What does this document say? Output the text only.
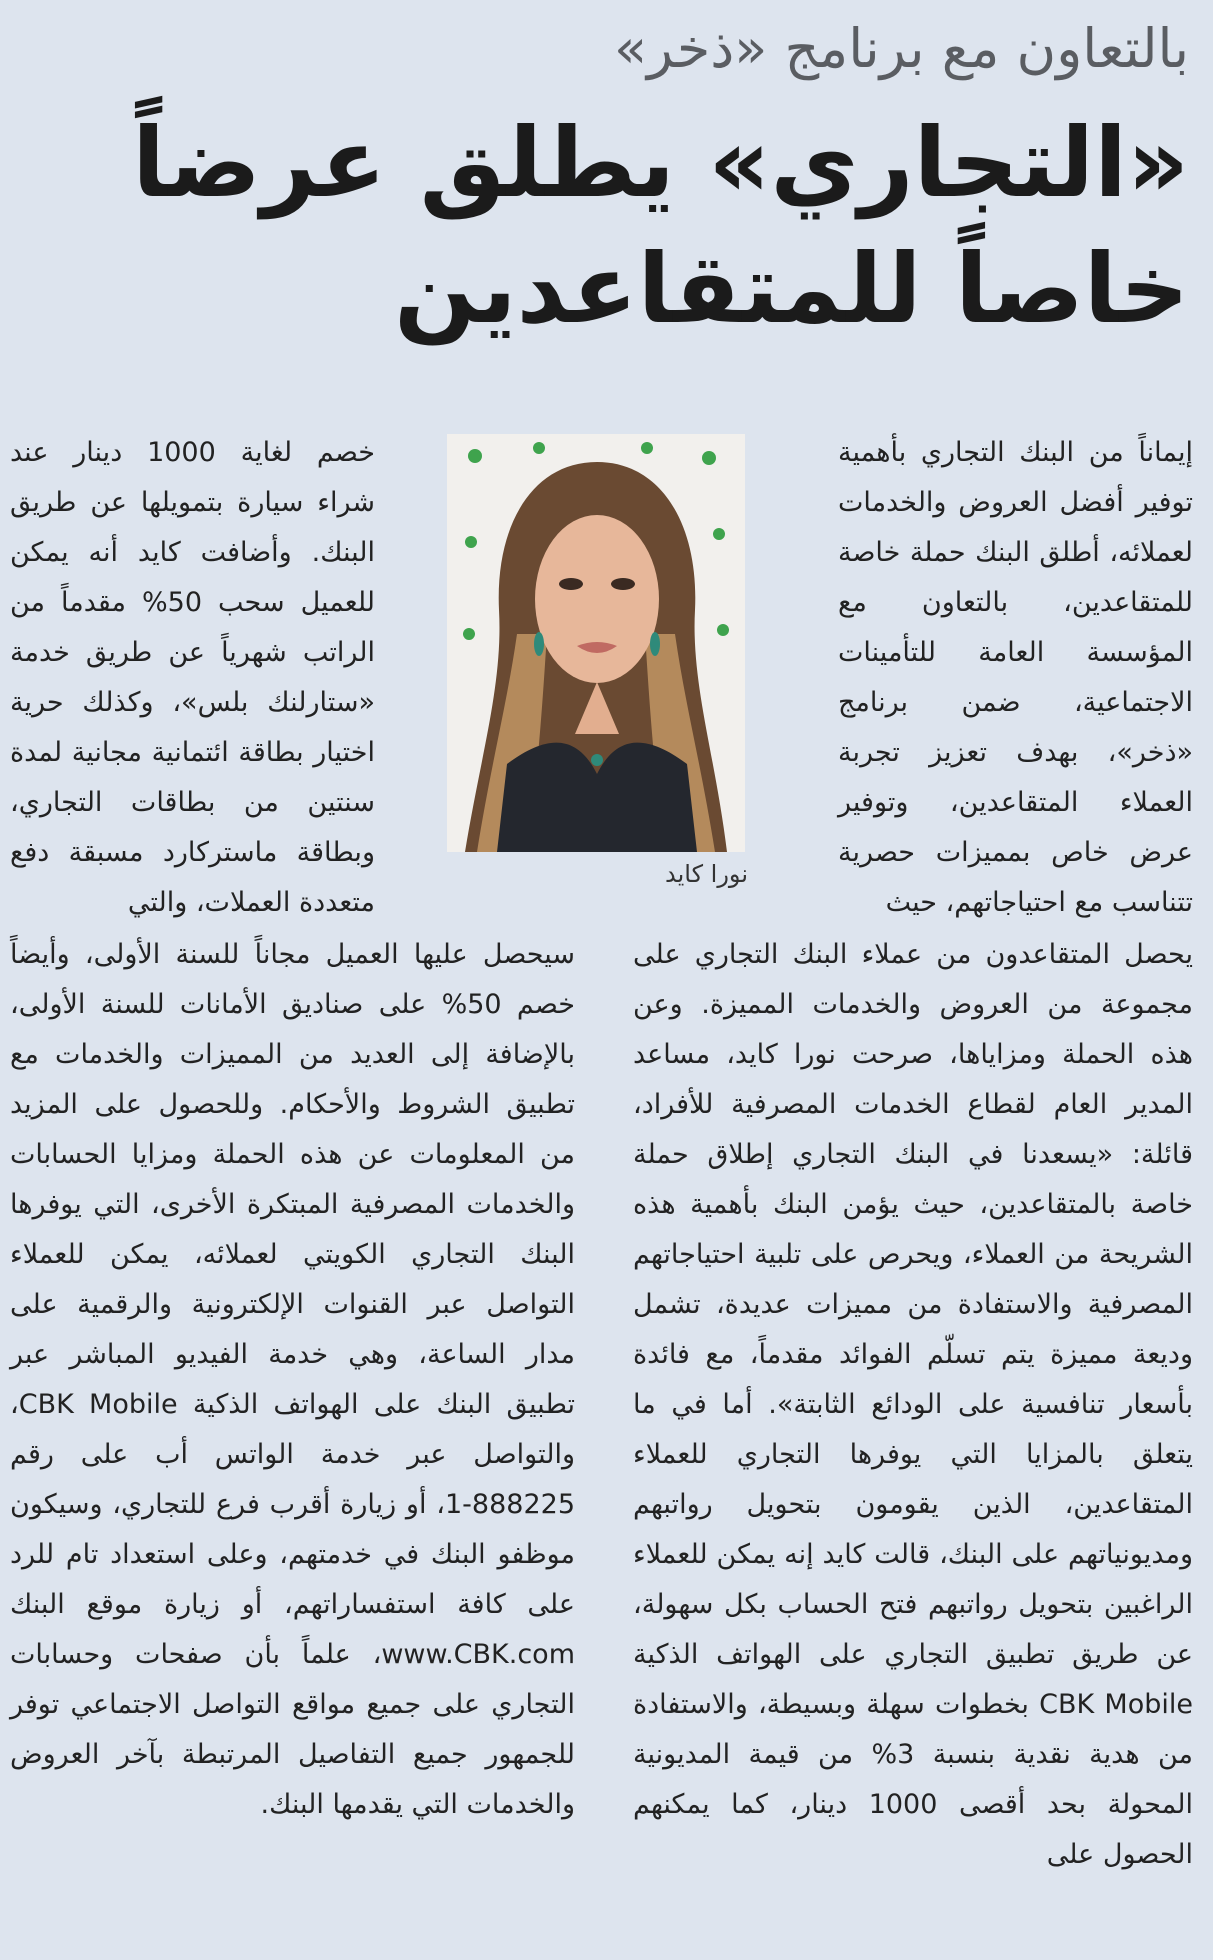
بالتعاون مع برنامج «ذخر»
«التجاري» يطلق عرضاً خاصاً للمتقاعدين

إيماناً من البنك التجاري بأهمية توفير أفضل العروض والخدمات لعملائه، أطلق البنك حملة خاصة للمتقاعدين، بالتعاون مع المؤسسة العامة للتأمينات الاجتماعية، ضمن برنامج «ذخر»، بهدف تعزيز تجربة العملاء المتقاعدين، وتوفير عرض خاص بمميزات حصرية تتناسب مع احتياجاتهم، حيث

يحصل المتقاعدون من عملاء البنك التجاري على مجموعة من العروض والخدمات المميزة. وعن هذه الحملة ومزاياها، صرحت نورا كايد، مساعد المدير العام لقطاع الخدمات المصرفية للأفراد، قائلة: «يسعدنا في البنك التجاري إطلاق حملة خاصة بالمتقاعدين، حيث يؤمن البنك بأهمية هذه الشريحة من العملاء، ويحرص على تلبية احتياجاتهم المصرفية والاستفادة من مميزات عديدة، تشمل وديعة مميزة يتم تسلّم الفوائد مقدماً، مع فائدة بأسعار تنافسية على الودائع الثابتة». أما في ما يتعلق بالمزايا التي يوفرها التجاري للعملاء المتقاعدين، الذين يقومون بتحويل رواتبهم ومديونياتهم على البنك، قالت كايد إنه يمكن للعملاء الراغبين بتحويل رواتبهم فتح الحساب بكل سهولة، عن طريق تطبيق التجاري على الهواتف الذكية CBK Mobile بخطوات سهلة وبسيطة، والاستفادة من هدية نقدية بنسبة 3% من قيمة المديونية المحولة بحد أقصى 1000 دينار، كما يمكنهم الحصول على

خصم لغاية 1000 دينار عند شراء سيارة بتمويلها عن طريق البنك. وأضافت كايد أنه يمكن للعميل سحب 50% مقدماً من الراتب شهرياً عن طريق خدمة «ستارلنك بلس»، وكذلك حرية اختيار بطاقة ائتمانية مجانية لمدة سنتين من بطاقات التجاري، وبطاقة ماستركارد مسبقة دفع متعددة العملات، والتي

سيحصل عليها العميل مجاناً للسنة الأولى، وأيضاً خصم 50% على صناديق الأمانات للسنة الأولى، بالإضافة إلى العديد من المميزات والخدمات مع تطبيق الشروط والأحكام. وللحصول على المزيد من المعلومات عن هذه الحملة ومزايا الحسابات والخدمات المصرفية المبتكرة الأخرى، التي يوفرها البنك التجاري الكويتي لعملائه، يمكن للعملاء التواصل عبر القنوات الإلكترونية والرقمية على مدار الساعة، وهي خدمة الفيديو المباشر عبر تطبيق البنك على الهواتف الذكية CBK Mobile، والتواصل عبر خدمة الواتس أب على رقم 888225-1، أو زيارة أقرب فرع للتجاري، وسيكون موظفو البنك في خدمتهم، وعلى استعداد تام للرد على كافة استفساراتهم، أو زيارة موقع البنك www.CBK.com، علماً بأن صفحات وحسابات التجاري على جميع مواقع التواصل الاجتماعي توفر للجمهور جميع التفاصيل المرتبطة بآخر العروض والخدمات التي يقدمها البنك.

نورا كايد
